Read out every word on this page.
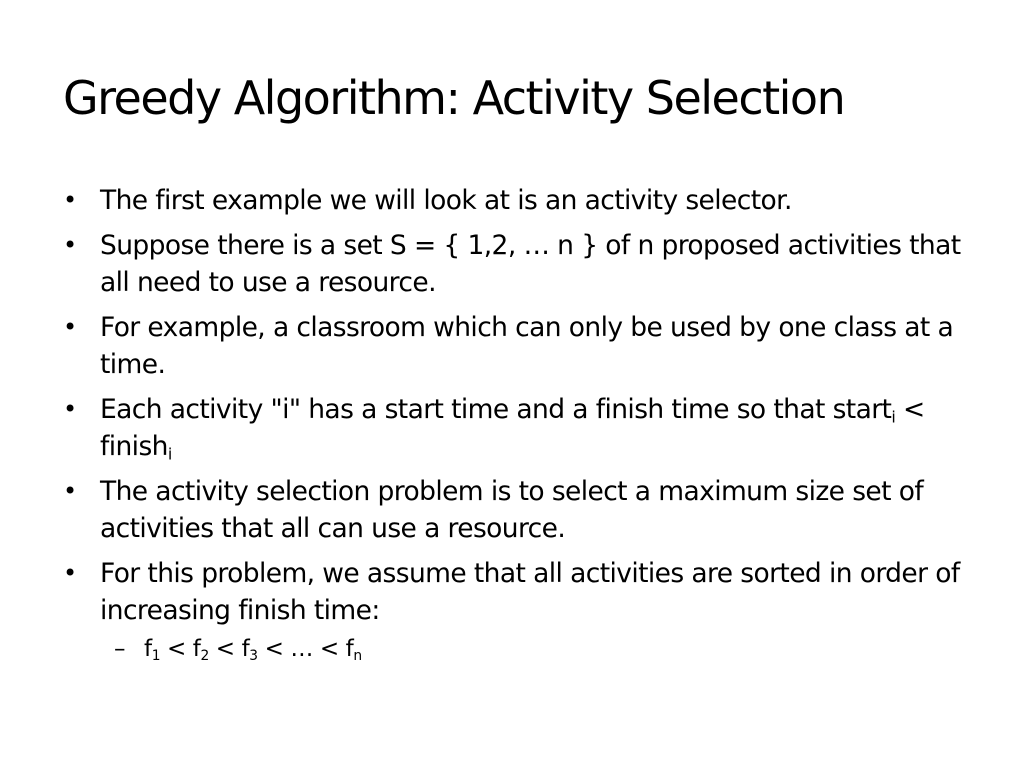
Greedy Algorithm: Activity Selection
• The first example we will look at is an activity selector.
• Suppose there is a set S = { 1,2, … n } of n proposed activities that all need to use a resource.
• For example, a classroom which can only be used by one class at a time.
• Each activity "i" has a start time and a finish time so that start$_i$ < finish$_i$
• The activity selection problem is to select a maximum size set of activities that all can use a resource.
• For this problem, we assume that all activities are sorted in order of increasing finish time:
– $f_1 < f_2 < f_3$ < … < $f_n$
